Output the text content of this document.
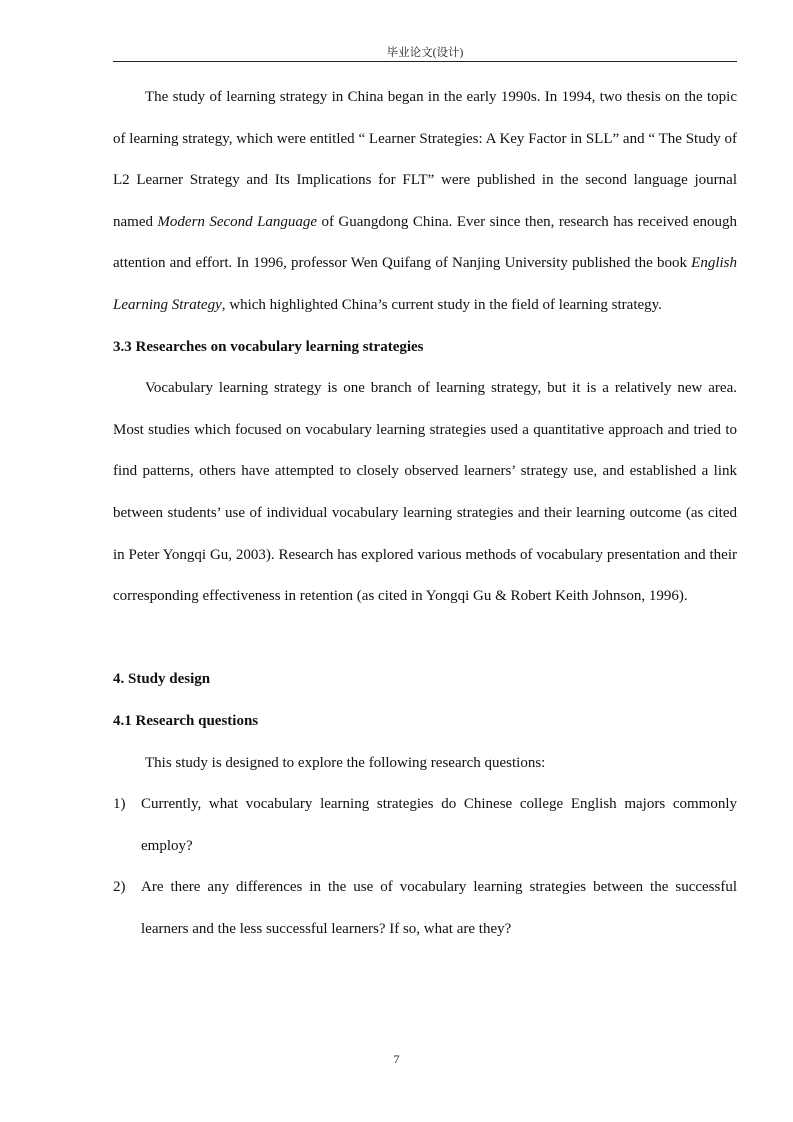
毕业论文(设计)

The study of learning strategy in China began in the early 1990s. In 1994, two thesis on the topic of learning strategy, which were entitled “ Learner Strategies: A Key Factor in SLL” and “ The Study of L2 Learner Strategy and Its Implications for FLT” were published in the second language journal named Modern Second Language of Guangdong China. Ever since then, research has received enough attention and effort. In 1996, professor Wen Quifang of Nanjing University published the book English Learning Strategy, which highlighted China’s current study in the field of learning strategy.

3.3 Researches on vocabulary learning strategies

Vocabulary learning strategy is one branch of learning strategy, but it is a relatively new area. Most studies which focused on vocabulary learning strategies used a quantitative approach and tried to find patterns, others have attempted to closely observed learners’ strategy use, and established a link between students’ use of individual vocabulary learning strategies and their learning outcome (as cited in Peter Yongqi Gu, 2003). Research has explored various methods of vocabulary presentation and their corresponding effectiveness in retention (as cited in Yongqi Gu & Robert Keith Johnson, 1996).

4. Study design

4.1 Research questions

This study is designed to explore the following research questions:

1) Currently, what vocabulary learning strategies do Chinese college English majors commonly employ?

2) Are there any differences in the use of vocabulary learning strategies between the successful learners and the less successful learners? If so, what are they?

7
